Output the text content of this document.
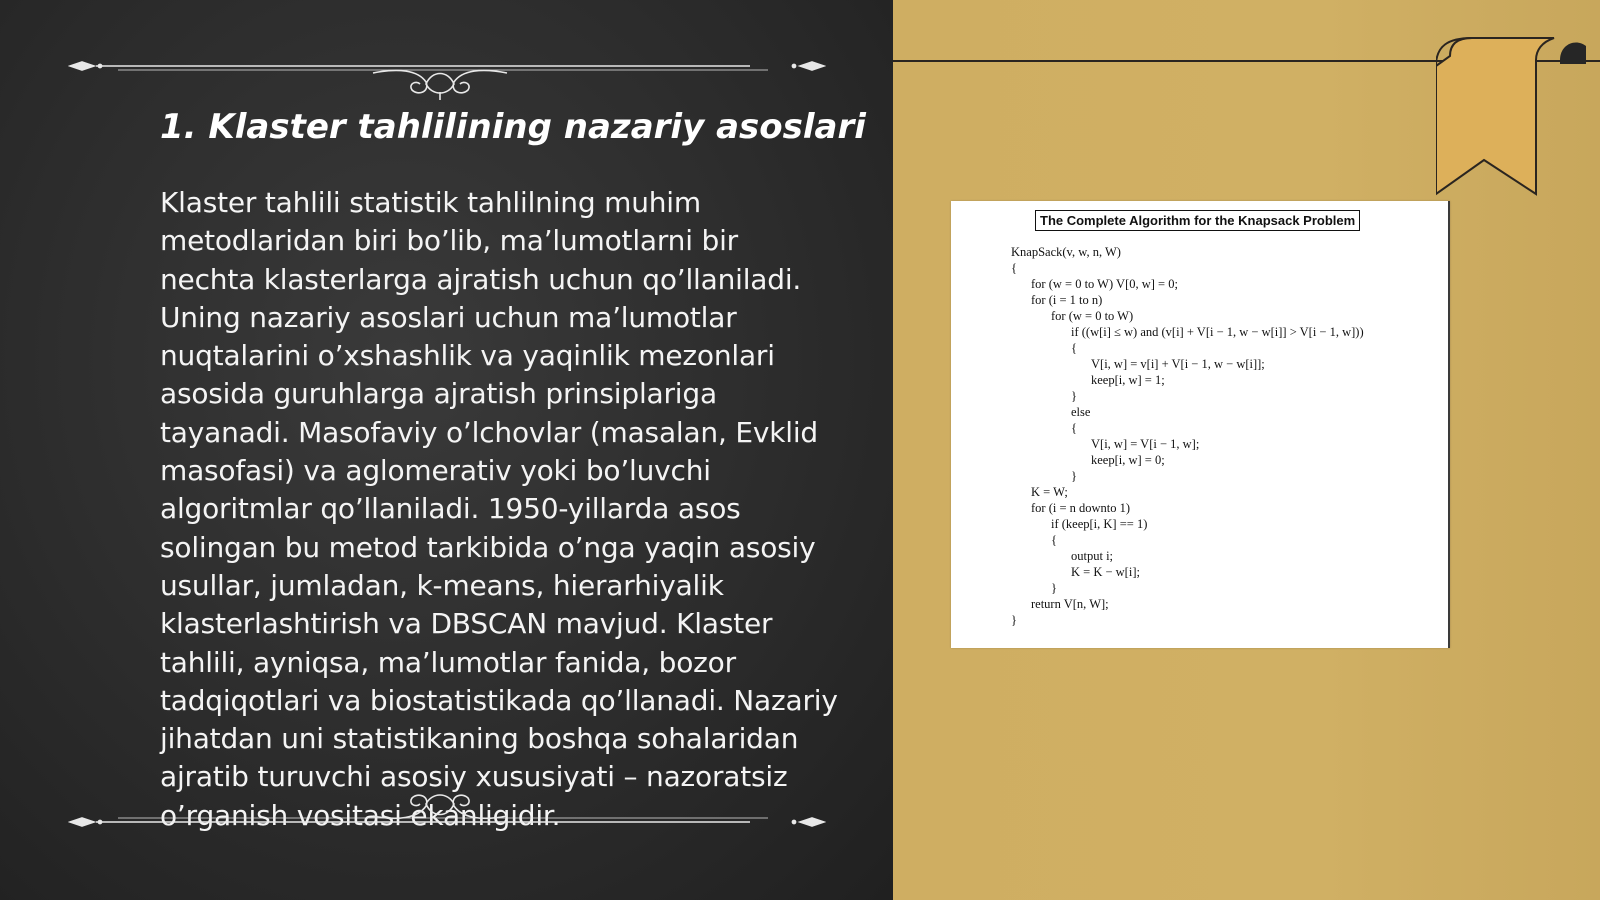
1. Klaster tahlilining nazariy asoslari

Klaster tahlili statistik tahlilning muhim metodlaridan biri bo’lib, ma’lumotlarni bir nechta klasterlarga ajratish uchun qo’llaniladi. Uning nazariy asoslari uchun ma’lumotlar nuqtalarini o’xshashlik va yaqinlik mezonlari asosida guruhlarga ajratish prinsiplariga tayanadi. Masofaviy o’lchovlar (masalan, Evklid masofasi) va aglomerativ yoki bo’luvchi algoritmlar qo’llaniladi. 1950-yillarda asos solingan bu metod tarkibida o’nga yaqin asosiy usullar, jumladan, k-means, hierarhiyalik klasterlashtirish va DBSCAN mavjud. Klaster tahlili, ayniqsa, ma’lumotlar fanida, bozor tadqiqotlari va biostatistikada qo’llanadi. Nazariy jihatdan uni statistikaning boshqa sohalaridan ajratib turuvchi asosiy xususiyati – nazoratsiz o’rganish vositasi ekanligidir.

The Complete Algorithm for the Knapsack Problem
KnapSack(v, w, n, W)
{
for (w = 0 to W) V[0, w] = 0;
for (i = 1 to n)
for (w = 0 to W)
if ((w[i] ≤ w) and (v[i] + V[i − 1, w − w[i]] > V[i − 1, w]))
{
V[i, w] = v[i] + V[i − 1, w − w[i]];
keep[i, w] = 1;
}
else
{
V[i, w] = V[i − 1, w];
keep[i, w] = 0;
}
K = W;
for (i = n downto 1)
if (keep[i, K] == 1)
{
output i;
K = K − w[i];
}
return V[n, W];
}
